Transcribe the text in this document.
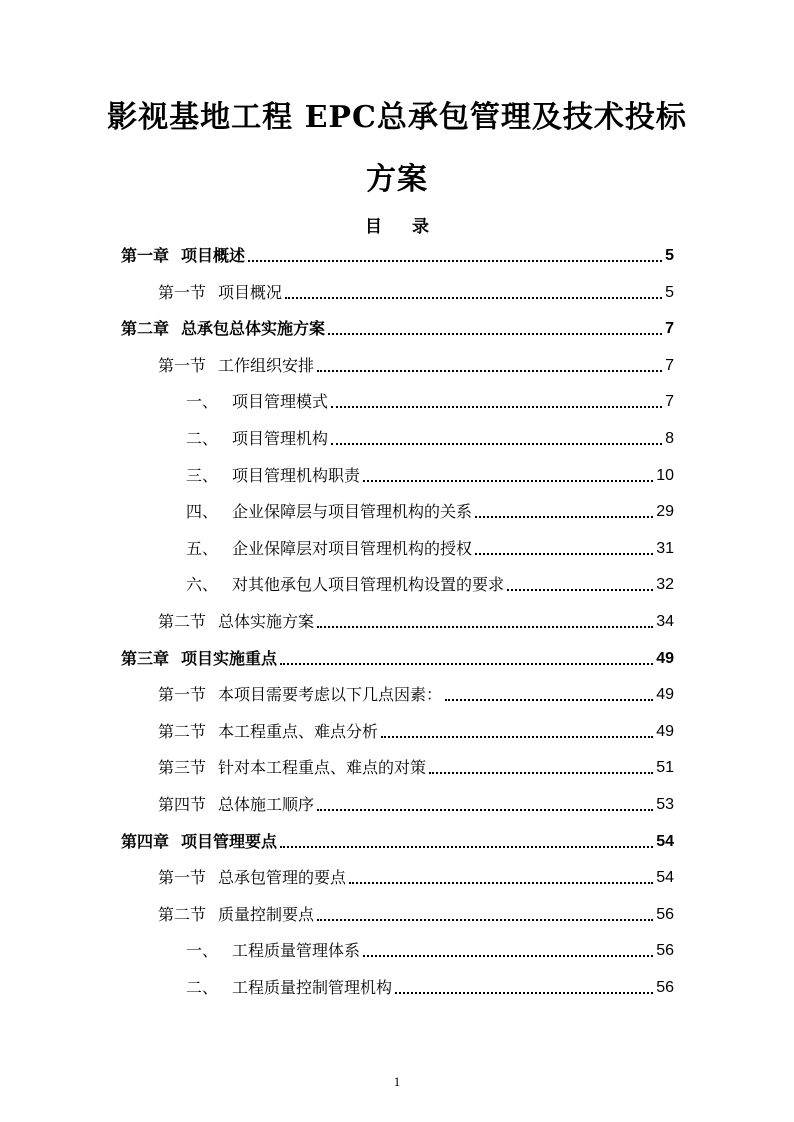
影视基地工程 EPC总承包管理及技术投标
方案
目 录
第一章 项目概述	5
第一节 项目概况	5
第二章 总承包总体实施方案	7
第一节 工作组织安排	7
一、 项目管理模式	7
二、 项目管理机构	8
三、 项目管理机构职责	10
四、 企业保障层与项目管理机构的关系	29
五、 企业保障层对项目管理机构的授权	31
六、 对其他承包人项目管理机构设置的要求	32
第二节 总体实施方案	34
第三章 项目实施重点	49
第一节 本项目需要考虑以下几点因素：	49
第二节 本工程重点、难点分析	49
第三节 针对本工程重点、难点的对策	51
第四节 总体施工顺序	53
第四章 项目管理要点	54
第一节 总承包管理的要点	54
第二节 质量控制要点	56
一、 工程质量管理体系	56
二、 工程质量控制管理机构	56
1
